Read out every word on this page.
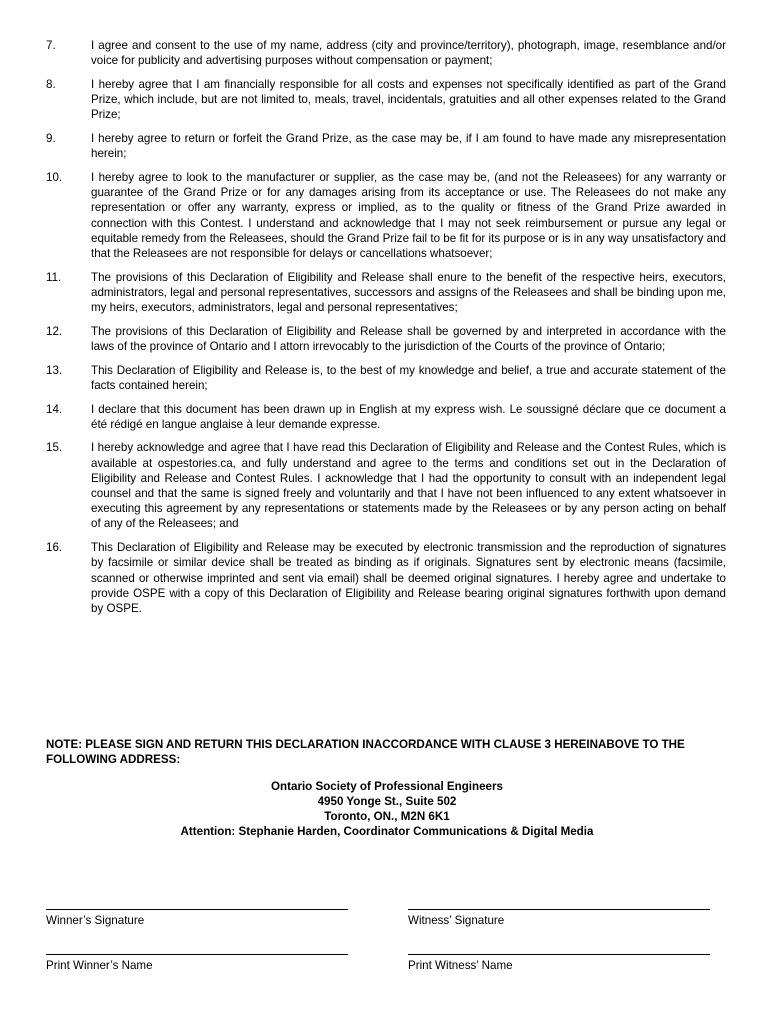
7.	I agree and consent to the use of my name, address (city and province/territory), photograph, image, resemblance and/or voice for publicity and advertising purposes without compensation or payment;
8.	I hereby agree that I am financially responsible for all costs and expenses not specifically identified as part of the Grand Prize, which include, but are not limited to, meals, travel, incidentals, gratuities and all other expenses related to the Grand Prize;
9.	I hereby agree to return or forfeit the Grand Prize, as the case may be, if I am found to have made any misrepresentation herein;
10.	I hereby agree to look to the manufacturer or supplier, as the case may be, (and not the Releasees) for any warranty or guarantee of the Grand Prize or for any damages arising from its acceptance or use. The Releasees do not make any representation or offer any warranty, express or implied, as to the quality or fitness of the Grand Prize awarded in connection with this Contest. I understand and acknowledge that I may not seek reimbursement or pursue any legal or equitable remedy from the Releasees, should the Grand Prize fail to be fit for its purpose or is in any way unsatisfactory and that the Releasees are not responsible for delays or cancellations whatsoever;
11.	The provisions of this Declaration of Eligibility and Release shall enure to the benefit of the respective heirs, executors, administrators, legal and personal representatives, successors and assigns of the Releasees and shall be binding upon me, my heirs, executors, administrators, legal and personal representatives;
12.	The provisions of this Declaration of Eligibility and Release shall be governed by and interpreted in accordance with the laws of the province of Ontario and I attorn irrevocably to the jurisdiction of the Courts of the province of Ontario;
13.	This Declaration of Eligibility and Release is, to the best of my knowledge and belief, a true and accurate statement of the facts contained herein;
14.	I declare that this document has been drawn up in English at my express wish. Le soussigné déclare que ce document a été rédigé en langue anglaise à leur demande expresse.
15.	I hereby acknowledge and agree that I have read this Declaration of Eligibility and Release and the Contest Rules, which is available at ospestories.ca, and fully understand and agree to the terms and conditions set out in the Declaration of Eligibility and Release and Contest Rules. I acknowledge that I had the opportunity to consult with an independent legal counsel and that the same is signed freely and voluntarily and that I have not been influenced to any extent whatsoever in executing this agreement by any representations or statements made by the Releasees or by any person acting on behalf of any of the Releasees; and
16.	This Declaration of Eligibility and Release may be executed by electronic transmission and the reproduction of signatures by facsimile or similar device shall be treated as binding as if originals. Signatures sent by electronic means (facsimile, scanned or otherwise imprinted and sent via email) shall be deemed original signatures. I hereby agree and undertake to provide OSPE with a copy of this Declaration of Eligibility and Release bearing original signatures forthwith upon demand by OSPE.
NOTE: PLEASE SIGN AND RETURN THIS DECLARATION INACCORDANCE WITH CLAUSE 3 HEREINABOVE TO THE FOLLOWING ADDRESS:
Ontario Society of Professional Engineers
4950 Yonge St., Suite 502
Toronto, ON., M2N 6K1
Attention: Stephanie Harden, Coordinator Communications & Digital Media
Winner’s Signature	Witness’ Signature
Print Winner’s Name	Print Witness’ Name
